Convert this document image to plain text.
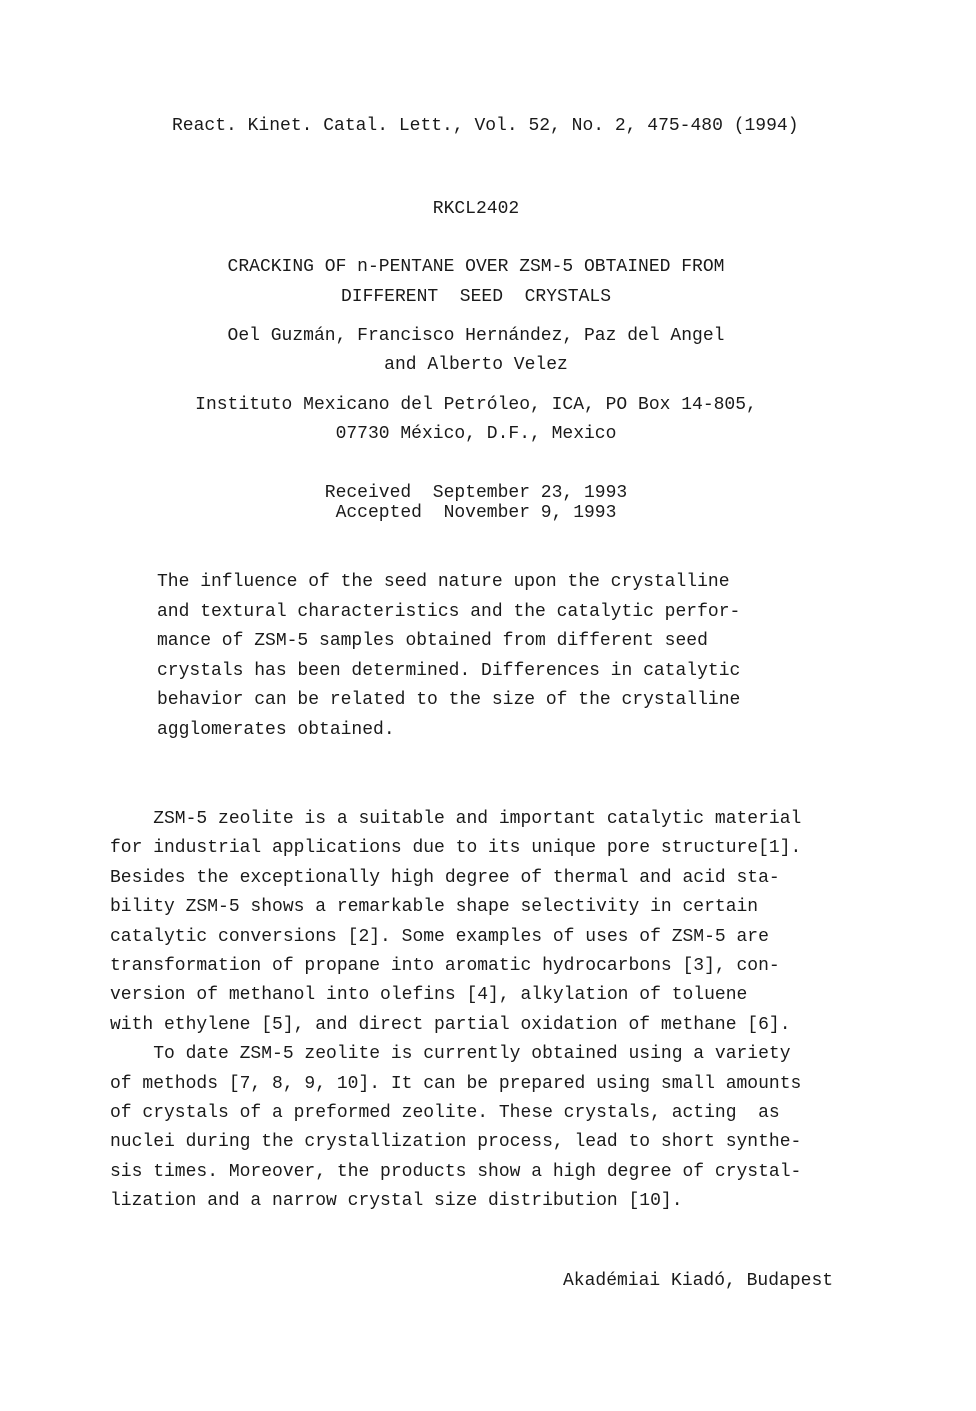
React. Kinet. Catal. Lett., Vol. 52, No. 2, 475-480 (1994)
RKCL2402
CRACKING OF n-PENTANE OVER ZSM-5 OBTAINED FROM
DIFFERENT  SEED  CRYSTALS
Oel Guzmán, Francisco Hernández, Paz del Angel
and Alberto Velez
Instituto Mexicano del Petróleo, ICA, PO Box 14-805,
07730 México, D.F., Mexico
Received  September 23, 1993
Accepted  November 9, 1993
The influence of the seed nature upon the crystalline
and textural characteristics and the catalytic perfor-
mance of ZSM-5 samples obtained from different seed
crystals has been determined. Differences in catalytic
behavior can be related to the size of the crystalline
agglomerates obtained.
ZSM-5 zeolite is a suitable and important catalytic material
for industrial applications due to its unique pore structure[1].
Besides the exceptionally high degree of thermal and acid sta-
bility ZSM-5 shows a remarkable shape selectivity in certain
catalytic conversions [2]. Some examples of uses of ZSM-5 are
transformation of propane into aromatic hydrocarbons [3], con-
version of methanol into olefins [4], alkylation of toluene
with ethylene [5], and direct partial oxidation of methane [6].
To date ZSM-5 zeolite is currently obtained using a variety
of methods [7, 8, 9, 10]. It can be prepared using small amounts
of crystals of a preformed zeolite. These crystals, acting  as
nuclei during the crystallization process, lead to short synthe-
sis times. Moreover, the products show a high degree of crystal-
lization and a narrow crystal size distribution [10].
Akadémiai Kiadó, Budapest
